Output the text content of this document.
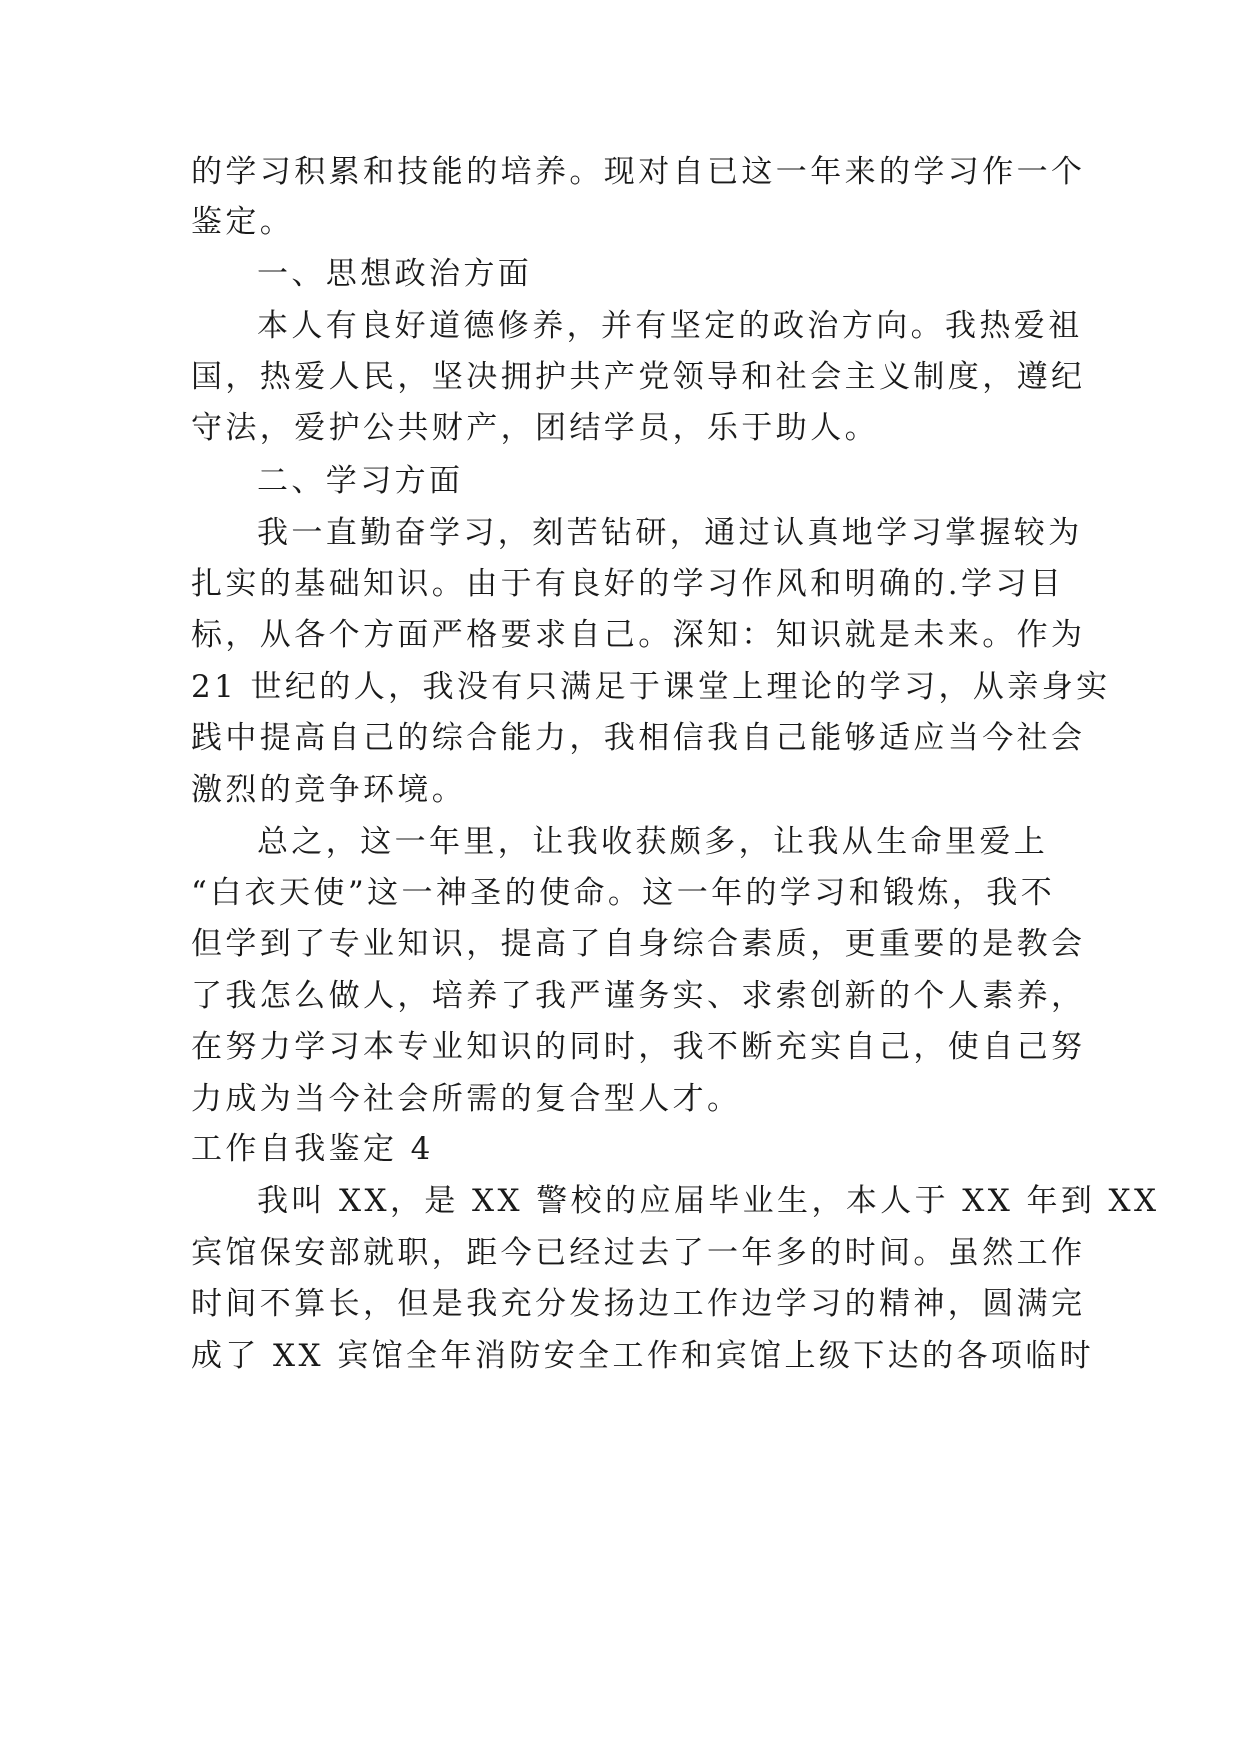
的学习积累和技能的培养。现对自已这一年来的学习作一个
鉴定。
一、思想政治方面
本人有良好道德修养，并有坚定的政治方向。我热爱祖
国，热爱人民，坚决拥护共产党领导和社会主义制度，遵纪
守法，爱护公共财产，团结学员，乐于助人。
二、学习方面
我一直勤奋学习，刻苦钻研，通过认真地学习掌握较为
扎实的基础知识。由于有良好的学习作风和明确的.学习目
标，从各个方面严格要求自己。深知：知识就是未来。作为
21 世纪的人，我没有只满足于课堂上理论的学习，从亲身实
践中提高自己的综合能力，我相信我自己能够适应当今社会
激烈的竞争环境。
总之，这一年里，让我收获颇多，让我从生命里爱上
“白衣天使”这一神圣的使命。这一年的学习和锻炼，我不
但学到了专业知识，提高了自身综合素质，更重要的是教会
了我怎么做人，培养了我严谨务实、求索创新的个人素养，
在努力学习本专业知识的同时，我不断充实自己，使自己努
力成为当今社会所需的复合型人才。
工作自我鉴定 4
我叫 XX，是 XX 警校的应届毕业生，本人于 XX 年到 XX
宾馆保安部就职，距今已经过去了一年多的时间。虽然工作
时间不算长，但是我充分发扬边工作边学习的精神，圆满完
成了 XX 宾馆全年消防安全工作和宾馆上级下达的各项临时
